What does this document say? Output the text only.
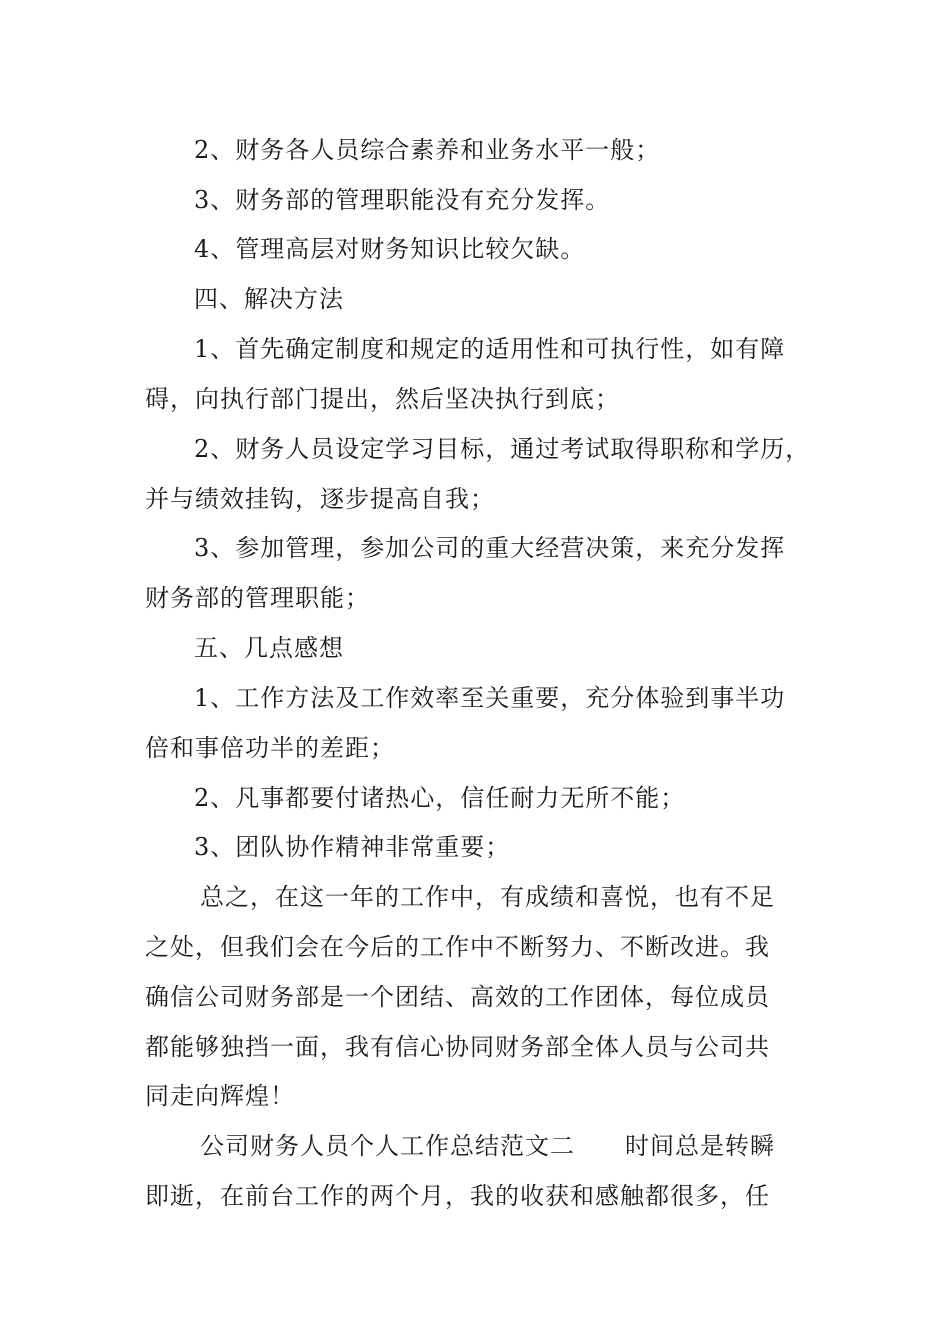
2、财务各人员综合素养和业务水平一般；
3、财务部的管理职能没有充分发挥。
4、管理高层对财务知识比较欠缺。
四、解决方法
1、首先确定制度和规定的适用性和可执行性，如有障
碍，向执行部门提出，然后坚决执行到底；
2、财务人员设定学习目标，通过考试取得职称和学历，
并与绩效挂钩，逐步提高自我；
3、参加管理，参加公司的重大经营决策，来充分发挥
财务部的管理职能；
五、几点感想
1、工作方法及工作效率至关重要，充分体验到事半功
倍和事倍功半的差距；
2、凡事都要付诸热心，信任耐力无所不能；
3、团队协作精神非常重要；
总之，在这一年的工作中，有成绩和喜悦，也有不足
之处，但我们会在今后的工作中不断努力、不断改进。我
确信公司财务部是一个团结、高效的工作团体，每位成员
都能够独挡一面，我有信心协同财务部全体人员与公司共
同走向辉煌！
公司财务人员个人工作总结范文二　　时间总是转瞬
即逝，在前台工作的两个月，我的收获和感触都很多，任
